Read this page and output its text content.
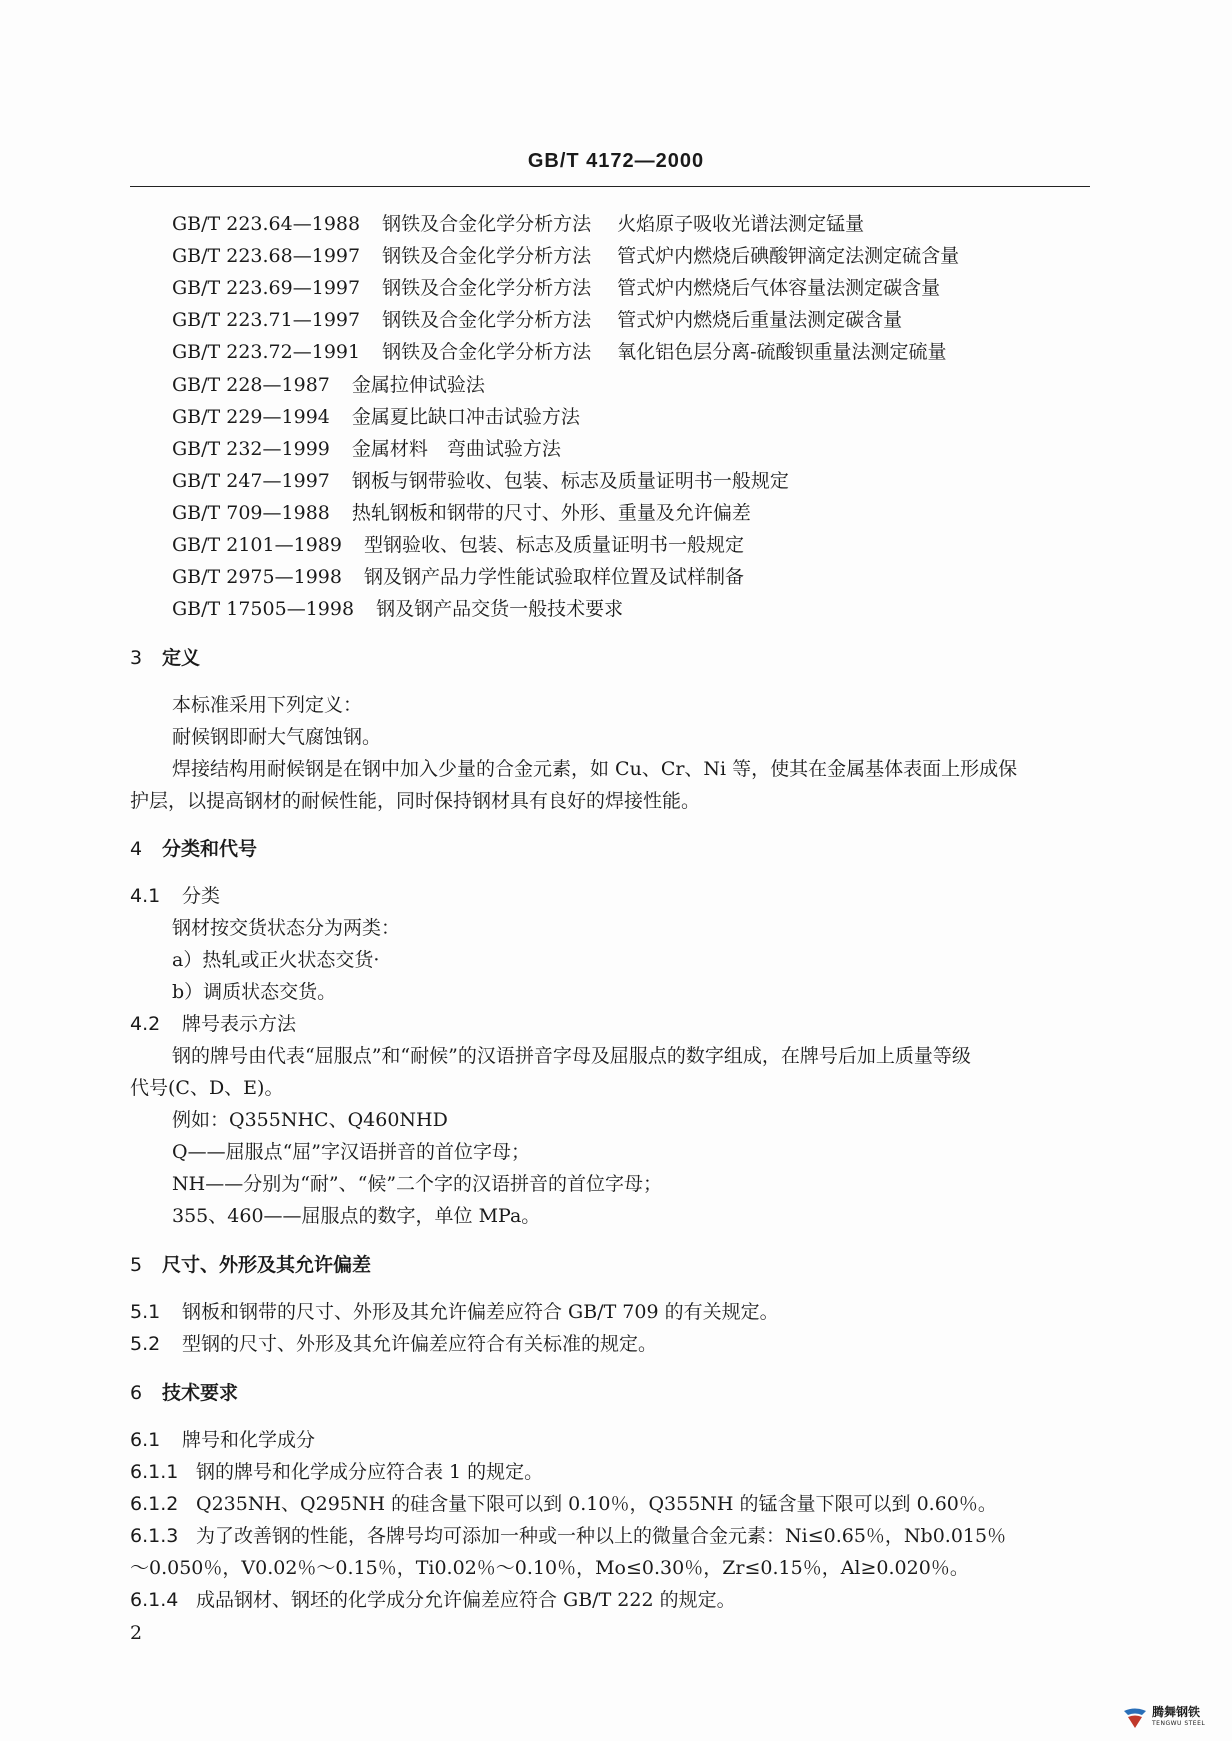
GB/T 4172—2000
GB/T 223.64—1988 钢铁及合金化学分析方法 火焰原子吸收光谱法测定锰量
GB/T 223.68—1997 钢铁及合金化学分析方法 管式炉内燃烧后碘酸钾滴定法测定硫含量
GB/T 223.69—1997 钢铁及合金化学分析方法 管式炉内燃烧后气体容量法测定碳含量
GB/T 223.71—1997 钢铁及合金化学分析方法 管式炉内燃烧后重量法测定碳含量
GB/T 223.72—1991 钢铁及合金化学分析方法 氧化铝色层分离-硫酸钡重量法测定硫量
GB/T 228—1987 金属拉伸试验法
GB/T 229—1994 金属夏比缺口冲击试验方法
GB/T 232—1999 金属材料　弯曲试验方法
GB/T 247—1997 钢板与钢带验收、包装、标志及质量证明书一般规定
GB/T 709—1988 热轧钢板和钢带的尺寸、外形、重量及允许偏差
GB/T 2101—1989 型钢验收、包装、标志及质量证明书一般规定
GB/T 2975—1998 钢及钢产品力学性能试验取样位置及试样制备
GB/T 17505—1998 钢及钢产品交货一般技术要求
3 定义
本标准采用下列定义：
耐候钢即耐大气腐蚀钢。
焊接结构用耐候钢是在钢中加入少量的合金元素，如 Cu、Cr、Ni 等，使其在金属基体表面上形成保
护层，以提高钢材的耐候性能，同时保持钢材具有良好的焊接性能。
4 分类和代号
4.1 分类
钢材按交货状态分为两类：
a）热轧或正火状态交货·
b）调质状态交货。
4.2 牌号表示方法
钢的牌号由代表“屈服点”和“耐候”的汉语拼音字母及屈服点的数字组成，在牌号后加上质量等级
代号(C、D、E)。
例如：Q355NHC、Q460NHD
Q——屈服点“屈”字汉语拼音的首位字母；
NH——分别为“耐”、“候”二个字的汉语拼音的首位字母；
355、460——屈服点的数字，单位 MPa。
5 尺寸、外形及其允许偏差
5.1 钢板和钢带的尺寸、外形及其允许偏差应符合 GB/T 709 的有关规定。
5.2 型钢的尺寸、外形及其允许偏差应符合有关标准的规定。
6 技术要求
6.1 牌号和化学成分
6.1.1 钢的牌号和化学成分应符合表 1 的规定。
6.1.2 Q235NH、Q295NH 的硅含量下限可以到 0.10％，Q355NH 的锰含量下限可以到 0.60％。
6.1.3 为了改善钢的性能，各牌号均可添加一种或一种以上的微量合金元素：Ni≤0.65％，Nb0.015％
～0.050％，V0.02％～0.15％，Ti0.02％～0.10％，Mo≤0.30％，Zr≤0.15％，Al≥0.020％。
6.1.4 成品钢材、钢坯的化学成分允许偏差应符合 GB/T 222 的规定。
2
腾舞钢铁
TENGWU STEEL
